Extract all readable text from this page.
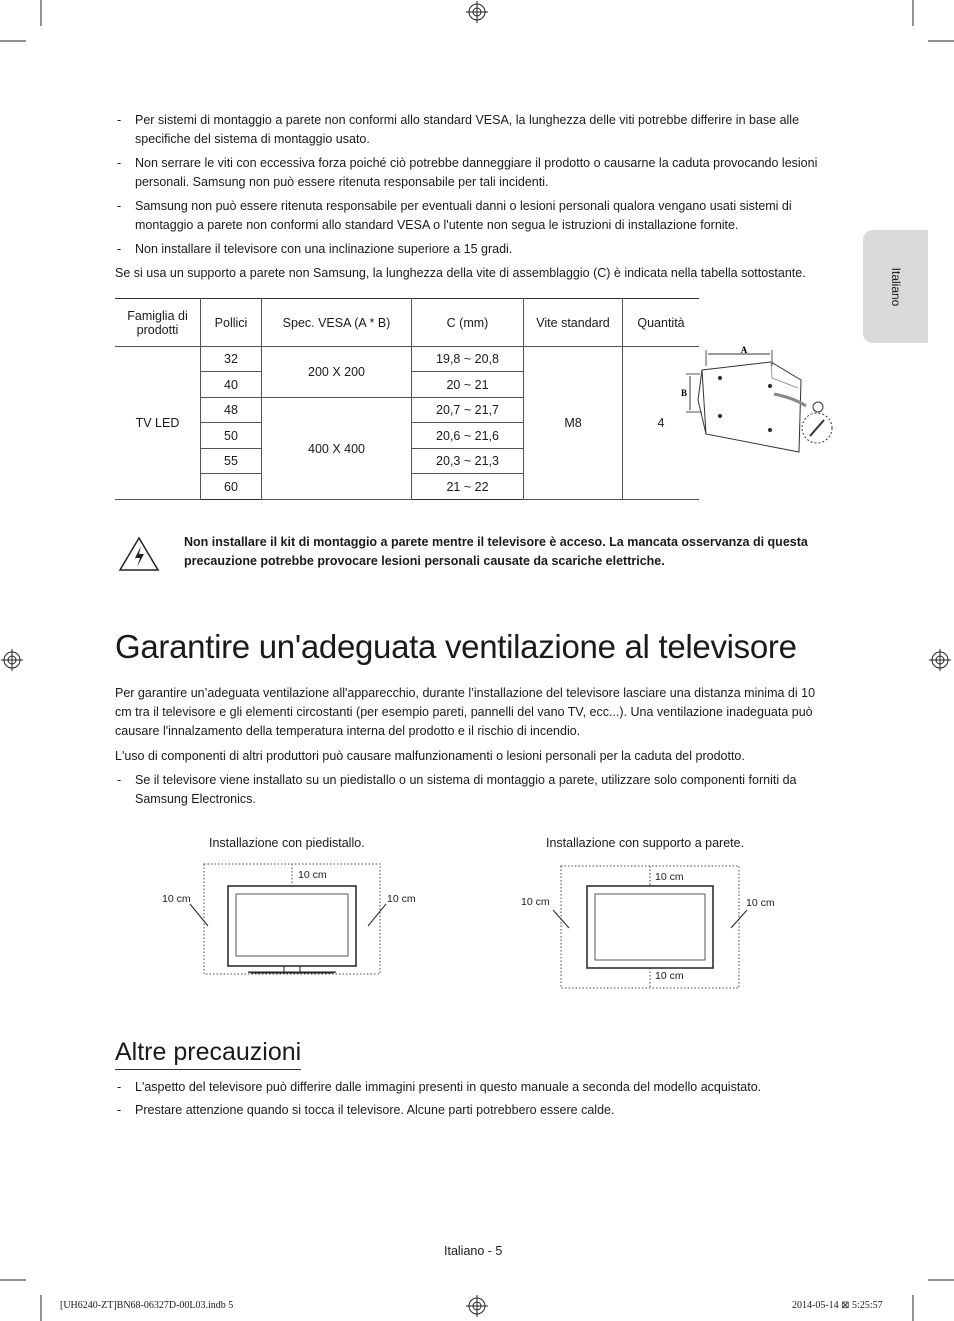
Italiano
- Per sistemi di montaggio a parete non conformi allo standard VESA, la lunghezza delle viti potrebbe differire in base alle specifiche del sistema di montaggio usato.
- Non serrare le viti con eccessiva forza poiché ciò potrebbe danneggiare il prodotto o causarne la caduta provocando lesioni personali. Samsung non può essere ritenuta responsabile per tali incidenti.
- Samsung non può essere ritenuta responsabile per eventuali danni o lesioni personali qualora vengano usati sistemi di montaggio a parete non conformi allo standard VESA o l'utente non segua le istruzioni di installazione fornite.
- Non installare il televisore con una inclinazione superiore a 15 gradi.
Se si usa un supporto a parete non Samsung, la lunghezza della vite di assemblaggio (C) è indicata nella tabella sottostante.
Famiglia di prodotti	Pollici	Spec. VESA (A * B)	C (mm)	Vite standard	Quantità
TV LED	32	200 X 200	19,8 ~ 20,8	M8	4
	40		20 ~ 21		
	48	400 X 400	20,7 ~ 21,7		
	50		20,6 ~ 21,6		
	55		20,3 ~ 21,3		
	60		21 ~ 22		
A
B
Non installare il kit di montaggio a parete mentre il televisore è acceso. La mancata osservanza di questa precauzione potrebbe provocare lesioni personali causate da scariche elettriche.
Garantire un'adeguata ventilazione al televisore
Per garantire un’adeguata ventilazione all'apparecchio, durante l’installazione del televisore lasciare una distanza minima di 10 cm tra il televisore e gli elementi circostanti (per esempio pareti, pannelli del vano TV, ecc...). Una ventilazione inadeguata può causare l'innalzamento della temperatura interna del prodotto e il rischio di incendio.
L'uso di componenti di altri produttori può causare malfunzionamenti o lesioni personali per la caduta del prodotto.
- Se il televisore viene installato su un piedistallo o un sistema di montaggio a parete, utilizzare solo componenti forniti da Samsung Electronics.
Installazione con piedistallo.	Installazione con supporto a parete.
10 cm
10 cm	10 cm
10 cm
10 cm	10 cm
10 cm
Altre precauzioni
- L'aspetto del televisore può differire dalle immagini presenti in questo manuale a seconda del modello acquistato.
- Prestare attenzione quando si tocca il televisore. Alcune parti potrebbero essere calde.
Italiano - 5
[UH6240-ZT]BN68-06327D-00L03.indb 5	2014-05-14 ⊠ 5:25:57
